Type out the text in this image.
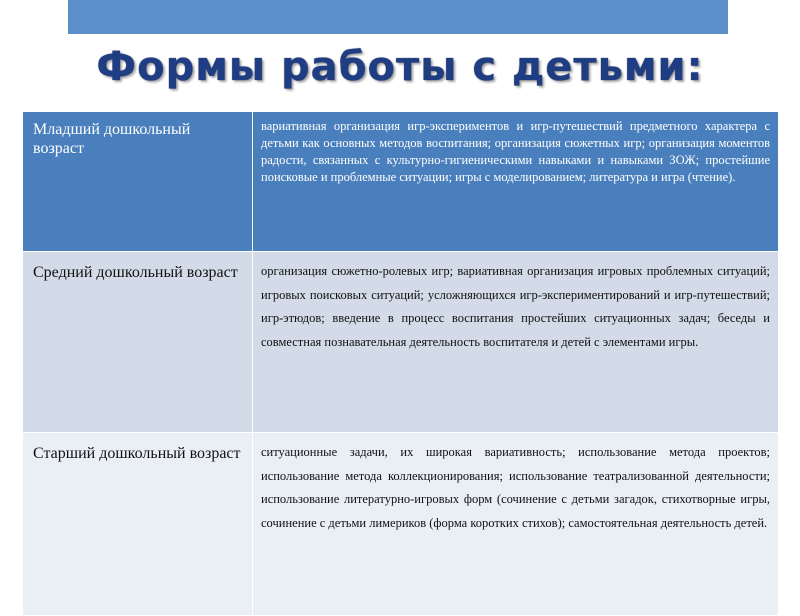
Формы работы с детьми:
Младший дошкольный возраст	вариативная организация игр-экспериментов и игр-путешествий предметного характера с детьми как основных методов воспитания; организация сюжетных игр; организация моментов радости, связанных с культурно-гигиеническими навыками и навыками ЗОЖ; простейшие поисковые и проблемные ситуации; игры с моделированием; литература и игра (чтение).
Средний дошкольный возраст	организация сюжетно-ролевых игр; вариативная организация игровых проблемных ситуаций; игровых поисковых ситуаций; усложняющихся игр-экспериментирований и игр-путешествий; игр-этюдов; введение в процесс воспитания простейших ситуационных задач; беседы и совместная познавательная деятельность воспитателя и детей с элементами игры.
Старший дошкольный возраст	ситуационные задачи, их широкая вариативность; использование метода проектов; использование метода коллекционирования; использование театрализованной деятельности; использование литературно-игровых форм (сочинение с детьми загадок, стихотворные игры, сочинение с детьми лимериков (форма коротких стихов); самостоятельная деятельность детей.
